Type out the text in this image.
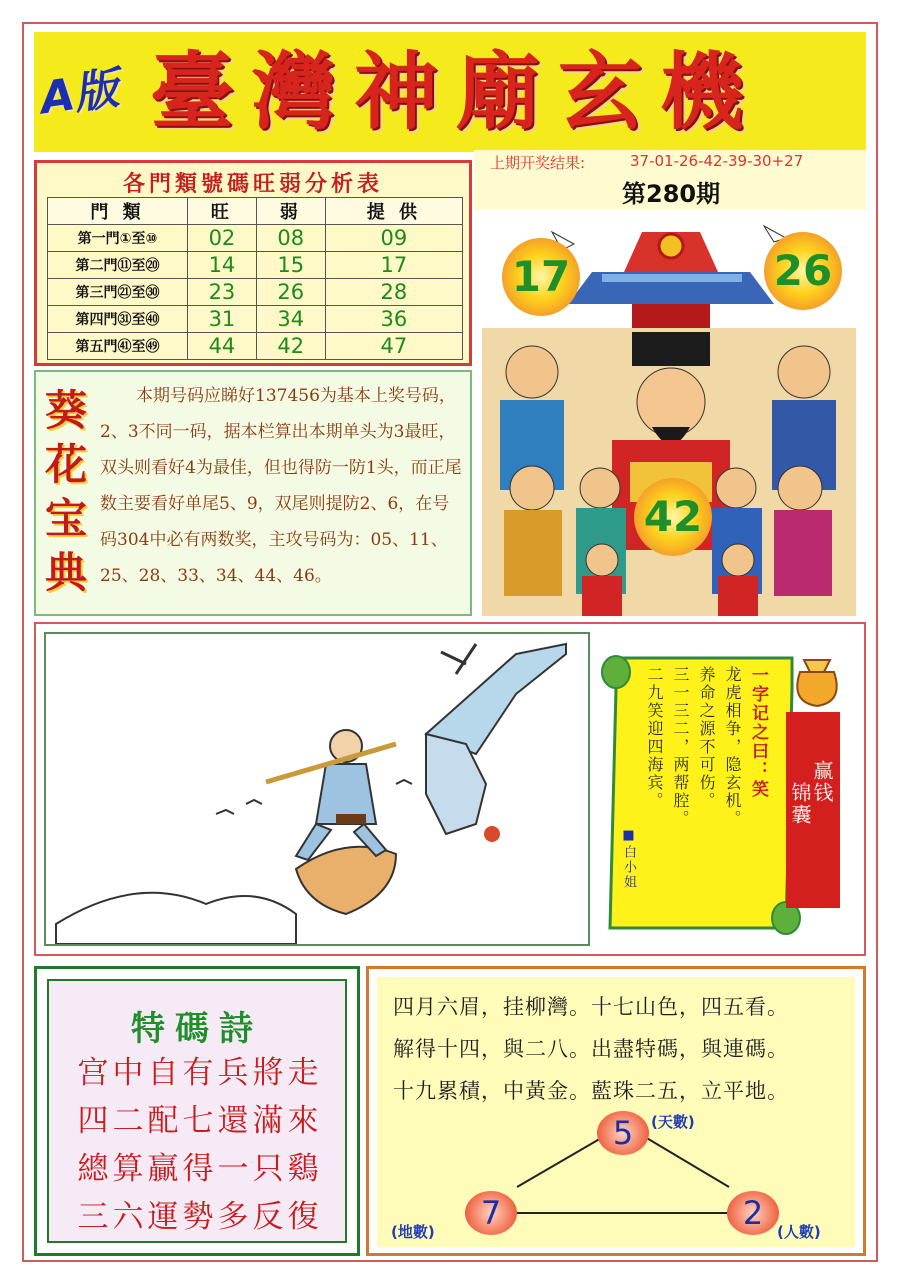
A版 臺灣神廟玄機
上期开奖结果:	37-01-26-42-39-30+27
第280期
各門類號碼旺弱分析表
門 類	旺	弱	提 供
第一門①至⑩	02	08	09
第二門⑪至⑳	14	15	17
第三門㉑至㉚	23	26	28
第四門㉛至㊵	31	34	36
第五門㊶至㊾	44	42	47
葵花宝典
本期号码应睇好137456为基本上奖号码，2、3不同一码，据本栏算出本期单头为3最旺，双头则看好4为最佳，但也得防一防1头，而正尾数主要看好单尾5、9，双尾则提防2、6，在号码304中必有两数奖，主攻号码为：05、11、25、28、33、34、44、46。
17	26
42
一字记之曰：笑
龙虎相争，隐玄机。
养命之源不可伤。
三一三二，两帮腔。
二九笑迎四海宾。
■白小姐
赢钱
锦囊
特碼詩
宫中自有兵將走
四二配七還滿來
總算贏得一只鷄
三六運勢多反復
四月六眉，挂柳灣。十七山色，四五看。
解得十四，與二八。出盡特碼，與連碼。
十九累積，中黃金。藍珠二五，立平地。
5	(天數)
7
(地數)	2 (人數)
